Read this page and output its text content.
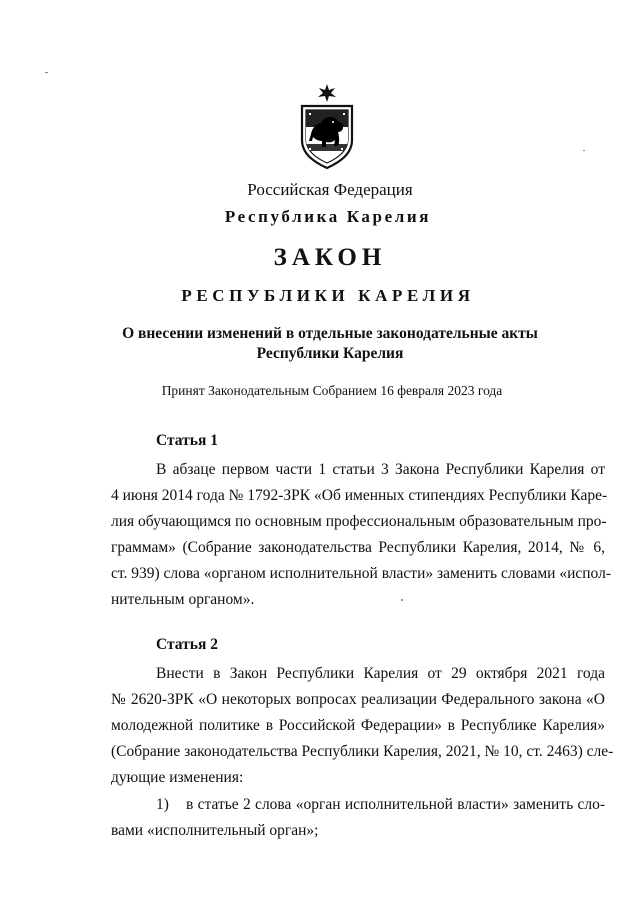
Российская Федерация
Республика Карелия
ЗАКОН
РЕСПУБЛИКИ КАРЕЛИЯ
О внесении изменений в отдельные законодательные акты
Республики Карелия
Принят Законодательным Собранием 16 февраля 2023 года
Статья 1
В абзаце первом части 1 статьи 3 Закона Республики Карелия от
4 июня 2014 года № 1792-ЗРК «Об именных стипендиях Республики Каре-
лия обучающимся по основным профессиональным образовательным про-
граммам» (Собрание законодательства Республики Карелия, 2014, № 6,
ст. 939) слова «органом исполнительной власти» заменить словами «испол-
нительным органом».
Статья 2
Внести в Закон Республики Карелия от 29 октября 2021 года
№ 2620-ЗРК «О некоторых вопросах реализации Федерального закона «О
молодежной политике в Российской Федерации» в Республике Карелия»
(Собрание законодательства Республики Карелия, 2021, № 10, ст. 2463) сле-
дующие изменения:
1) в статье 2 слова «орган исполнительной власти» заменить сло-
вами «исполнительный орган»;
